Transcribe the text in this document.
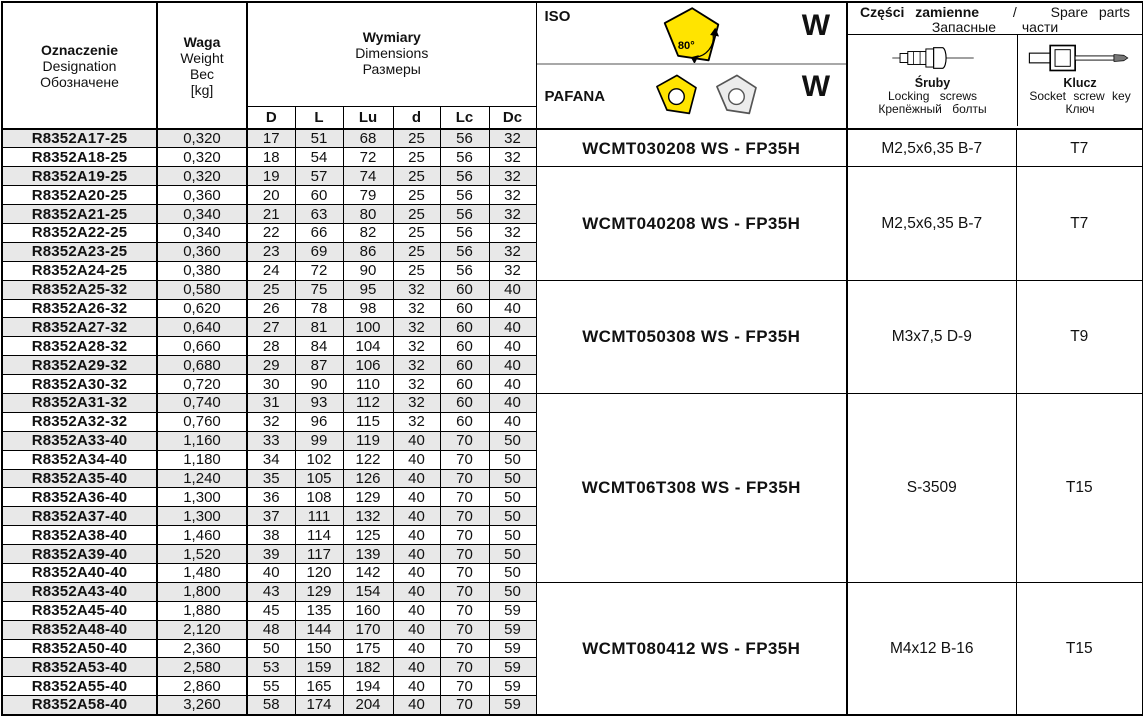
Oznaczenie
Designation
Обозначене

Waga
Weight
Вес
[kg]

Wymiary
Dimensions
Размеры

ISO
80°
W
PAFANA	W

Części zamienne / Spare parts
Запасные части
Śruby
Locking screws
Крепёжный болты
Klucz
Socket screw key
Ключ

		D	L	Lu	d	Lc	Dc			
R8352A17-25	0,320	17	51	68	25	56	32	WCMT030208 WS - FP35H	M2,5x6,35 B-7	T7
R8352A18-25	0,320	18	54	72	25	56	32			
R8352A19-25	0,320	19	57	74	25	56	32	WCMT040208 WS - FP35H	M2,5x6,35 B-7	T7
R8352A20-25	0,360	20	60	79	25	56	32			
R8352A21-25	0,340	21	63	80	25	56	32			
R8352A22-25	0,340	22	66	82	25	56	32			
R8352A23-25	0,360	23	69	86	25	56	32			
R8352A24-25	0,380	24	72	90	25	56	32			
R8352A25-32	0,580	25	75	95	32	60	40	WCMT050308 WS - FP35H	M3x7,5 D-9	T9
R8352A26-32	0,620	26	78	98	32	60	40			
R8352A27-32	0,640	27	81	100	32	60	40			
R8352A28-32	0,660	28	84	104	32	60	40			
R8352A29-32	0,680	29	87	106	32	60	40			
R8352A30-32	0,720	30	90	110	32	60	40			
R8352A31-32	0,740	31	93	112	32	60	40	WCMT06T308 WS - FP35H	S-3509	T15
R8352A32-32	0,760	32	96	115	32	60	40			
R8352A33-40	1,160	33	99	119	40	70	50			
R8352A34-40	1,180	34	102	122	40	70	50			
R8352A35-40	1,240	35	105	126	40	70	50			
R8352A36-40	1,300	36	108	129	40	70	50			
R8352A37-40	1,300	37	111	132	40	70	50			
R8352A38-40	1,460	38	114	125	40	70	50			
R8352A39-40	1,520	39	117	139	40	70	50			
R8352A40-40	1,480	40	120	142	40	70	50			
R8352A43-40	1,800	43	129	154	40	70	50	WCMT080412 WS - FP35H	M4x12 B-16	T15
R8352A45-40	1,880	45	135	160	40	70	59			
R8352A48-40	2,120	48	144	170	40	70	59			
R8352A50-40	2,360	50	150	175	40	70	59			
R8352A53-40	2,580	53	159	182	40	70	59			
R8352A55-40	2,860	55	165	194	40	70	59			
R8352A58-40	3,260	58	174	204	40	70	59			
